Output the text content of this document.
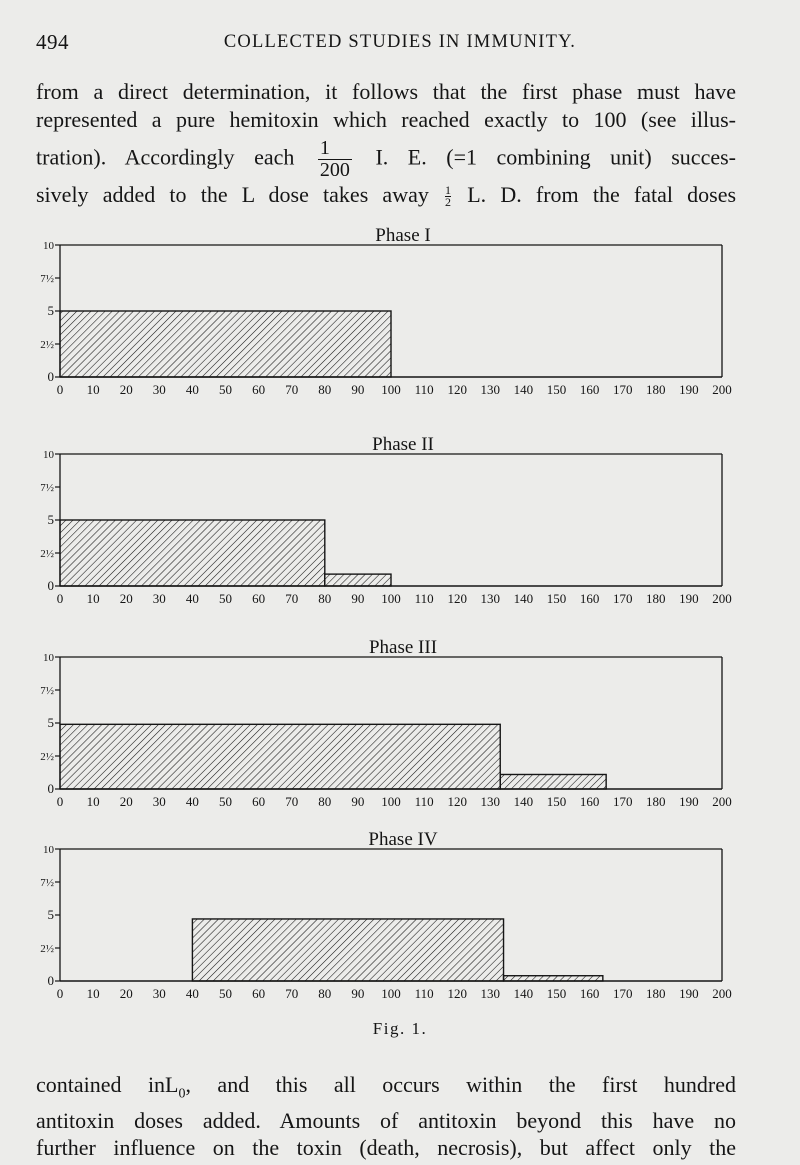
494	COLLECTED STUDIES IN IMMUNITY.
from a direct determination, it follows that the first phase must have
represented a pure hemitoxin which reached exactly to 100 (see illus-
tration). Accordingly each $\frac{1}{200} I$. E. (=1 combining unit) succes-
sively added to the L dose takes away $\frac{1}{2} L$. D. from the fatal doses
Phase I
0
2½
5
7½
10
0 10 20 30 40 50 60 70 80 90 100 110 120 130 140 150 160 170 180 190 200
Phase II
0
2½
5
7½
10
0 10 20 30 40 50 60 70 80 90 100 110 120 130 140 150 160 170 180 190 200
Phase III
0
2½
5
7½
10
0 10 20 30 40 50 60 70 80 90 100 110 120 130 140 150 160 170 180 190 200
Phase IV
0
2½
5
7½
10
0 10 20 30 40 50 60 70 80 90 100 110 120 130 140 150 160 170 180 190 200
Fig. 1.
contained inL$_0$, and this all occurs within the first hundred
antitoxin doses added. Amounts of antitoxin beyond this have no
further influence on the toxin (death, necrosis), but affect only the
